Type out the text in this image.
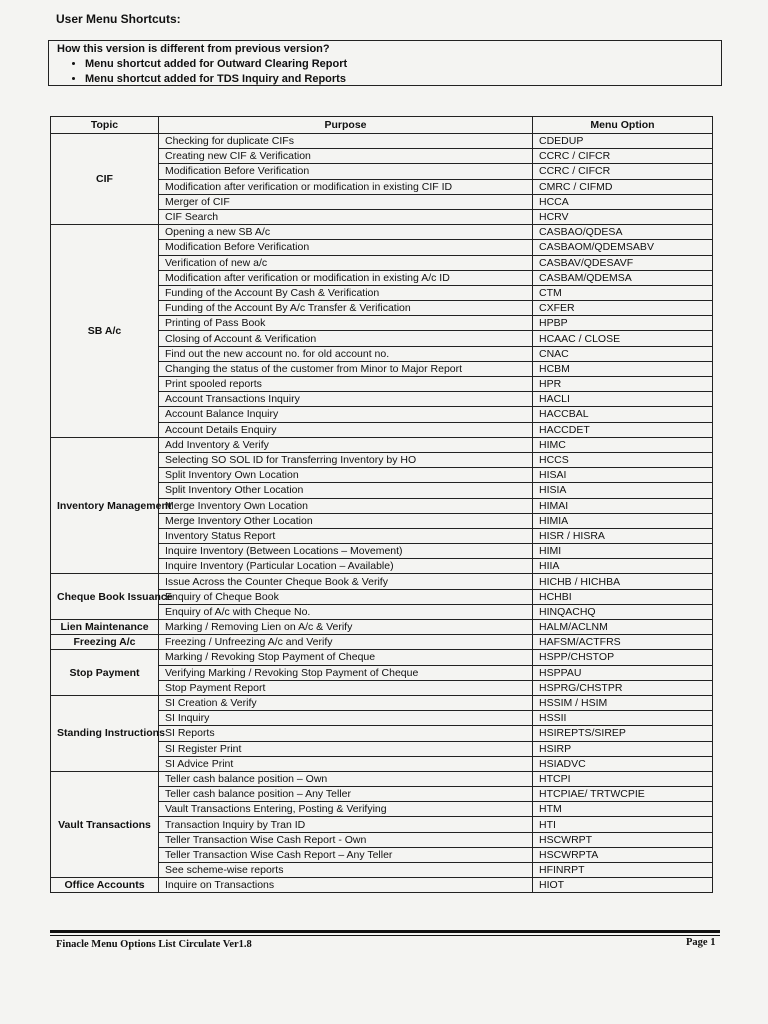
User Menu Shortcuts:

How this version is different from previous version?

• Menu shortcut added for Outward Clearing Report
• Menu shortcut added for TDS Inquiry and Reports
Topic	Purpose	Menu Option
CIF	Checking for duplicate CIFs	CDEDUP
	Creating new CIF & Verification	CCRC / CIFCR
	Modification Before Verification	CCRC / CIFCR
	Modification after verification or modification in existing CIF ID	CMRC / CIFMD
	Merger of CIF	HCCA
	CIF Search	HCRV
SB A/c	Opening a new SB A/c	CASBAO/QDESA
	Modification Before Verification	CASBAOM/QDEMSABV
	Verification of new a/c	CASBAV/QDESAVF
	Modification after verification or modification in existing A/c ID	CASBAM/QDEMSA
	Funding of the Account By Cash & Verification	CTM
	Funding of the Account By A/c Transfer & Verification	CXFER
	Printing of Pass Book	HPBP
	Closing of Account & Verification	HCAAC / CLOSE
	Find out the new account no. for old account no.	CNAC
	Changing the status of the customer from Minor to Major Report	HCBM
	Print spooled reports	HPR
	Account Transactions Inquiry	HACLI
	Account Balance Inquiry	HACCBAL
	Account Details Enquiry	HACCDET
Inventory Management	Add Inventory & Verify	HIMC
	Selecting SO SOL ID for Transferring Inventory by HO	HCCS
	Split Inventory Own Location	HISAI
	Split Inventory Other Location	HISIA
	Merge Inventory Own Location	HIMAI
	Merge Inventory Other Location	HIMIA
	Inventory Status Report	HISR / HISRA
	Inquire Inventory (Between Locations – Movement)	HIMI
	Inquire Inventory (Particular Location – Available)	HIIA
Cheque Book Issuance	Issue Across the Counter Cheque Book & Verify	HICHB / HICHBA
	Enquiry of Cheque Book	HCHBI
	Enquiry of A/c with Cheque No.	HINQACHQ
Lien Maintenance	Marking / Removing Lien on A/c & Verify	HALM/ACLNM
Freezing A/c	Freezing / Unfreezing A/c and Verify	HAFSM/ACTFRS
Stop Payment	Marking / Revoking Stop Payment of Cheque	HSPP/CHSTOP
	Verifying Marking / Revoking Stop Payment of Cheque	HSPPAU
	Stop Payment Report	HSPRG/CHSTPR
Standing Instructions	SI Creation & Verify	HSSIM / HSIM
	SI Inquiry	HSSII
	SI Reports	HSIREPTS/SIREP
	SI Register Print	HSIRP
	SI Advice Print	HSIADVC
Vault Transactions	Teller cash balance position – Own	HTCPI
	Teller cash balance position – Any Teller	HTCPIAE/ TRTWCPIE
	Vault Transactions Entering, Posting & Verifying	HTM
	Transaction Inquiry by Tran ID	HTI
	Teller Transaction Wise Cash Report - Own	HSCWRPT
	Teller Transaction Wise Cash Report – Any Teller	HSCWRPTA
	See scheme-wise reports	HFINRPT
Office Accounts	Inquire on Transactions	HIOT
Finacle Menu Options List Circulate Ver1.8	Page 1
